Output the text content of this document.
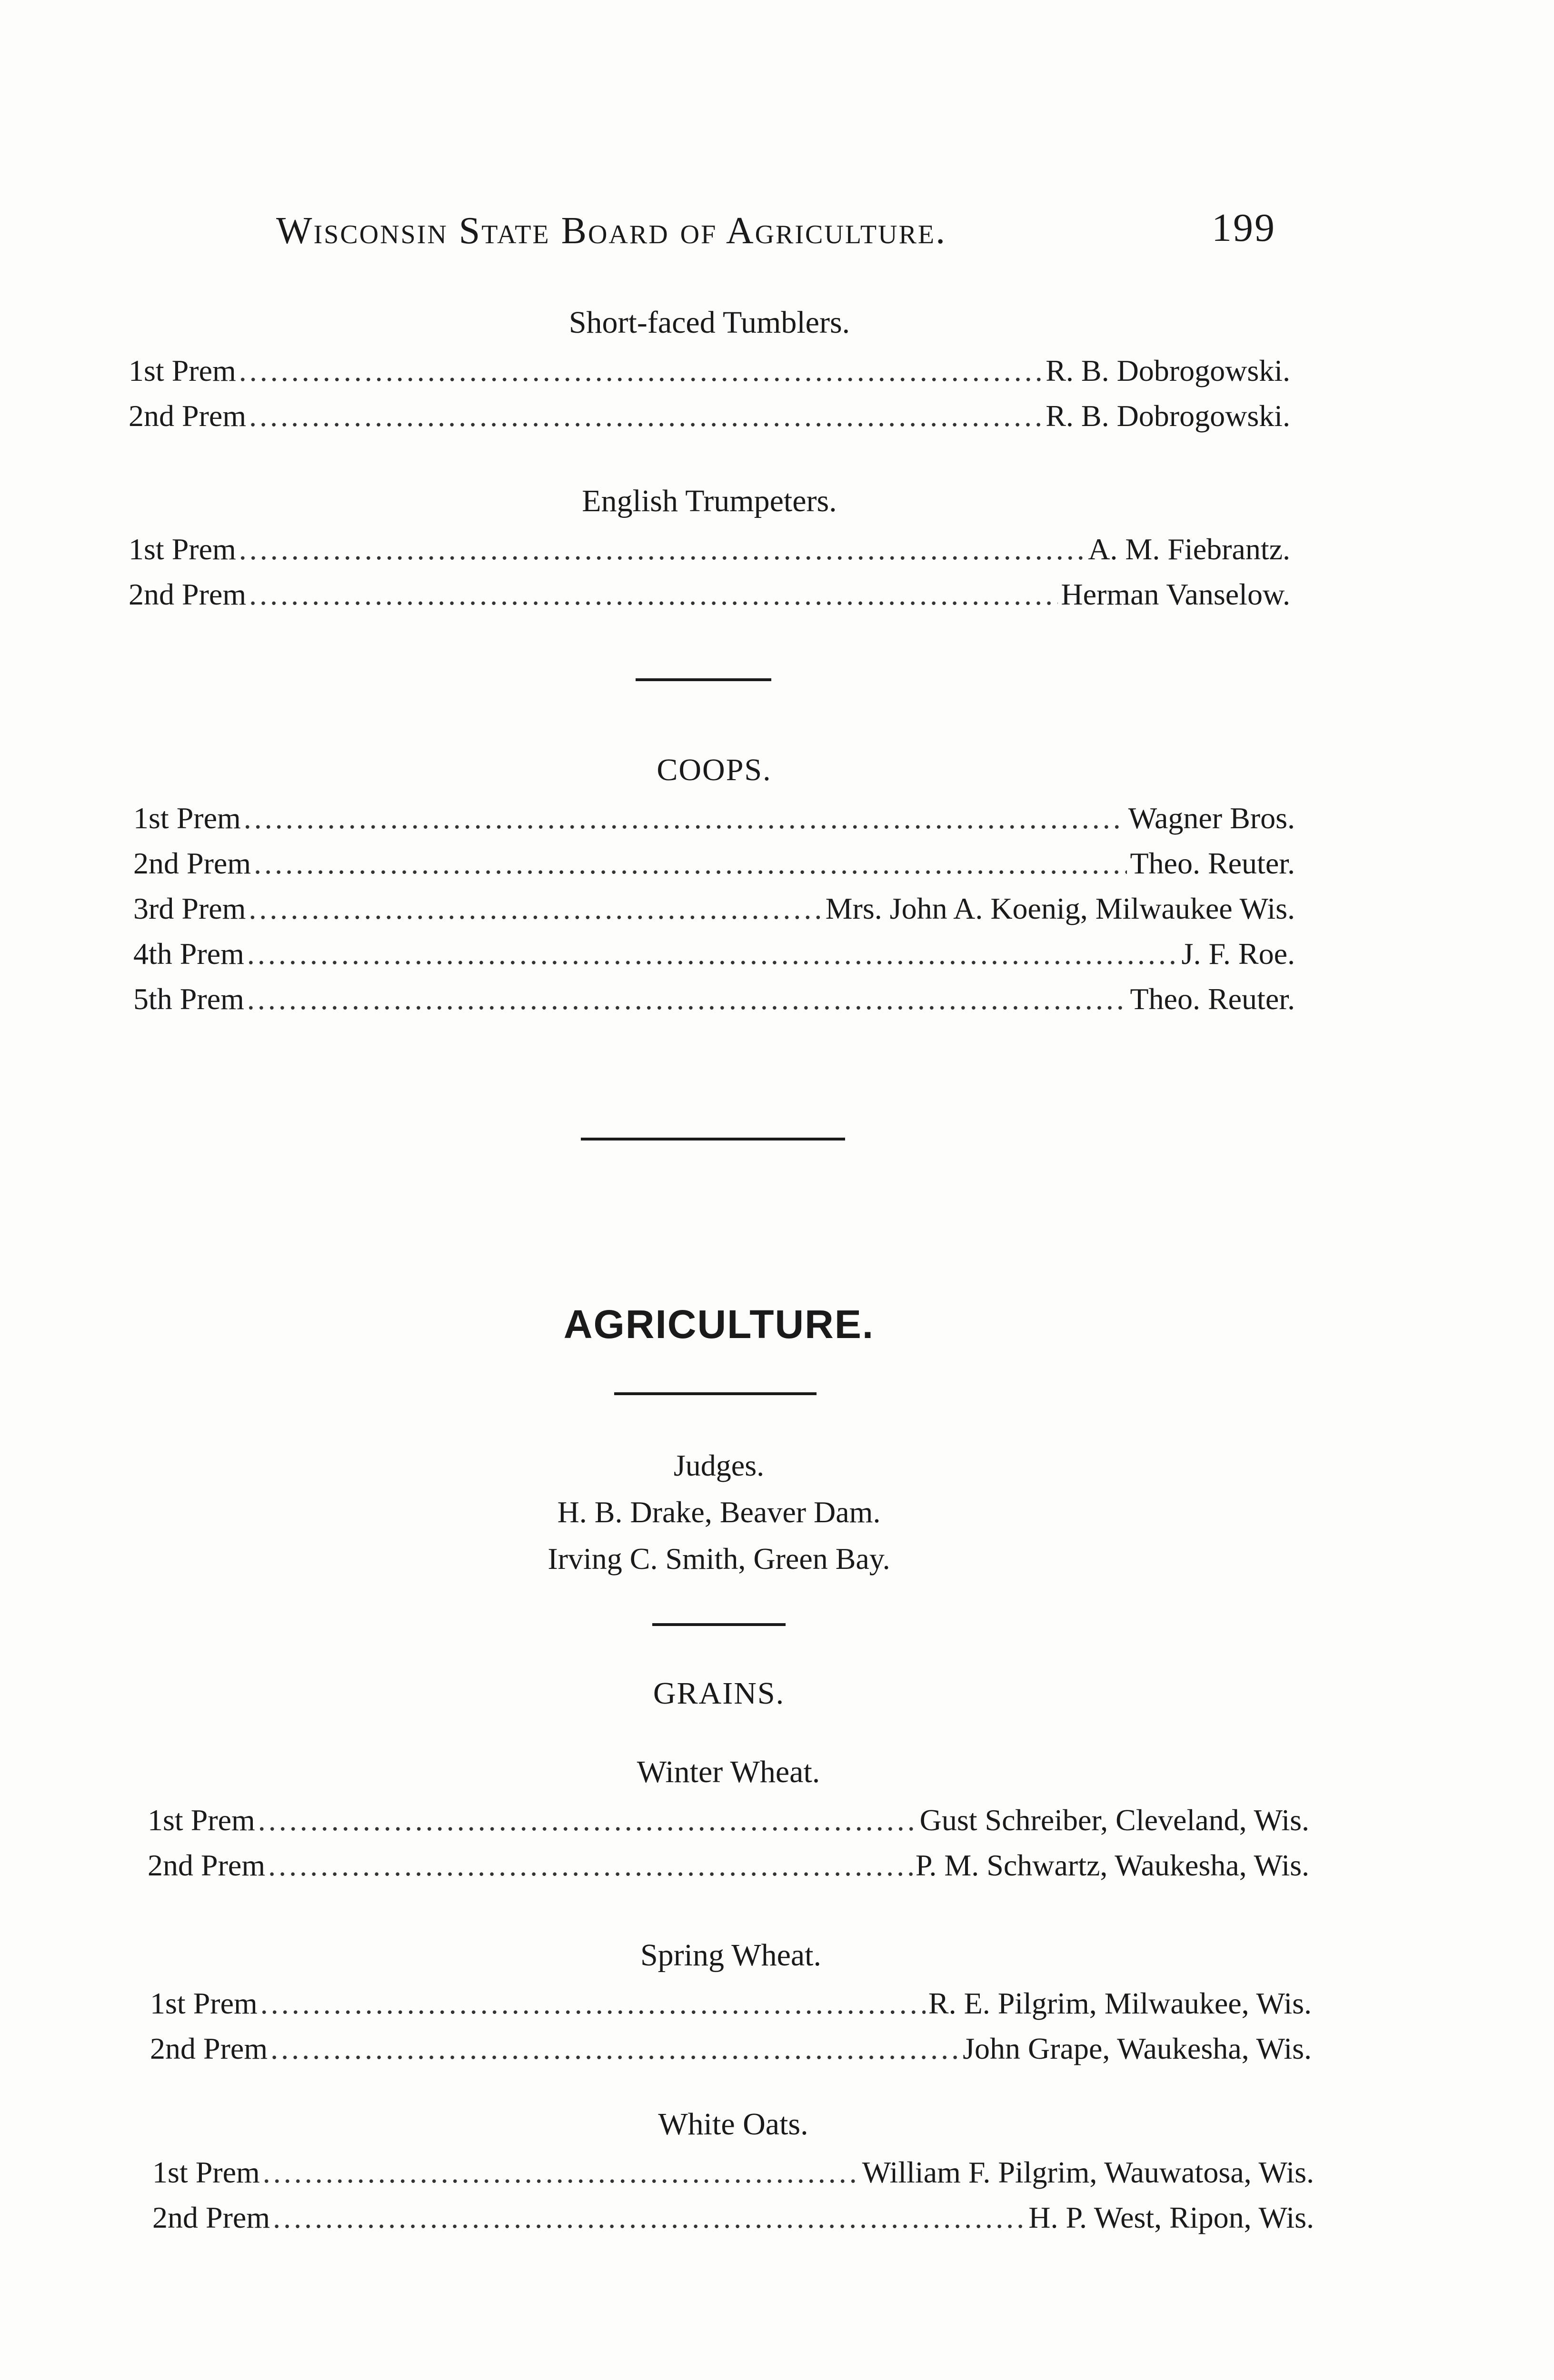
Wisconsin State Board of Agriculture.	199

Short-faced Tumblers.

1st Prem .....	R. B. Dobrogowski.
2nd Prem .....	R. B. Dobrogowski.

English Trumpeters.

1st Prem .....	A. M. Fiebrantz.
2nd Prem .....	Herman Vanselow.

COOPS.

1st Prem .....	Wagner Bros.
2nd Prem .....	Theo. Reuter.
3rd Prem .....	Mrs. John A. Koenig, Milwaukee Wis.
4th Prem .....	J. F. Roe.
5th Prem .....	Theo. Reuter.

AGRICULTURE.

Judges.
H. B. Drake, Beaver Dam.
Irving C. Smith, Green Bay.

GRAINS.

Winter Wheat.

1st Prem .....	Gust Schreiber, Cleveland, Wis.
2nd Prem .....	P. M. Schwartz, Waukesha, Wis.

Spring Wheat.

1st Prem .....	R. E. Pilgrim, Milwaukee, Wis.
2nd Prem .....	John Grape, Waukesha, Wis.

White Oats.

1st Prem .....	William F. Pilgrim, Wauwatosa, Wis.
2nd Prem .....	H. P. West, Ripon, Wis.
